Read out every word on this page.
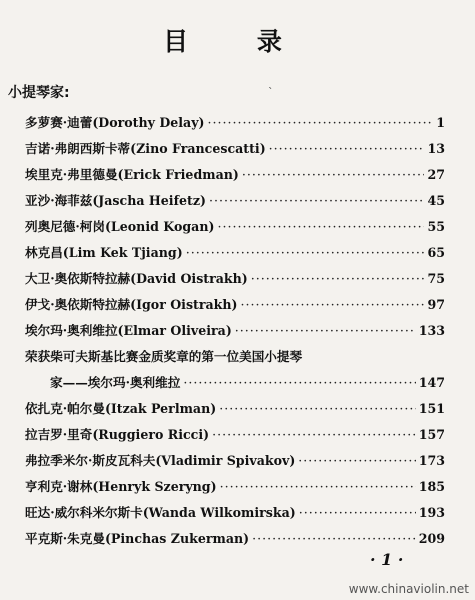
目 录
小提琴家:	ˋ
多萝赛·迪蕾(Dorothy Delay) ·····	1
吉诺·弗朗西斯卡蒂(Zino Francescatti) ·····	13
埃里克·弗里德曼(Erick Friedman) ·····	27
亚沙·海菲兹(Jascha Heifetz) ·····	45
列奥尼德·柯岗(Leonid Kogan) ·····	55
林克昌(Lim Kek Tjiang) ·····	65
大卫·奥依斯特拉赫(David Oistrakh) ·····	75
伊戈·奥依斯特拉赫(Igor Oistrakh) ·····	97
埃尔玛·奥利维拉(Elmar Oliveira) ·····	133
荣获柴可夫斯基比赛金质奖章的第一位美国小提琴
家——埃尔玛·奥利维拉 ·····	147
依扎克·帕尔曼(Itzak Perlman) ·····	151
拉吉罗·里奇(Ruggiero Ricci) ·····	157
弗拉季米尔·斯皮瓦科夫(Vladimir Spivakov) ·····	173
亨利克·谢林(Henryk Szeryng) ·····	185
旺达·威尔科米尔斯卡(Wanda Wilkomirska) ·····	193
平克斯·朱克曼(Pinchas Zukerman) ·····	209
· 1 ·
www.chinaviolin.net
